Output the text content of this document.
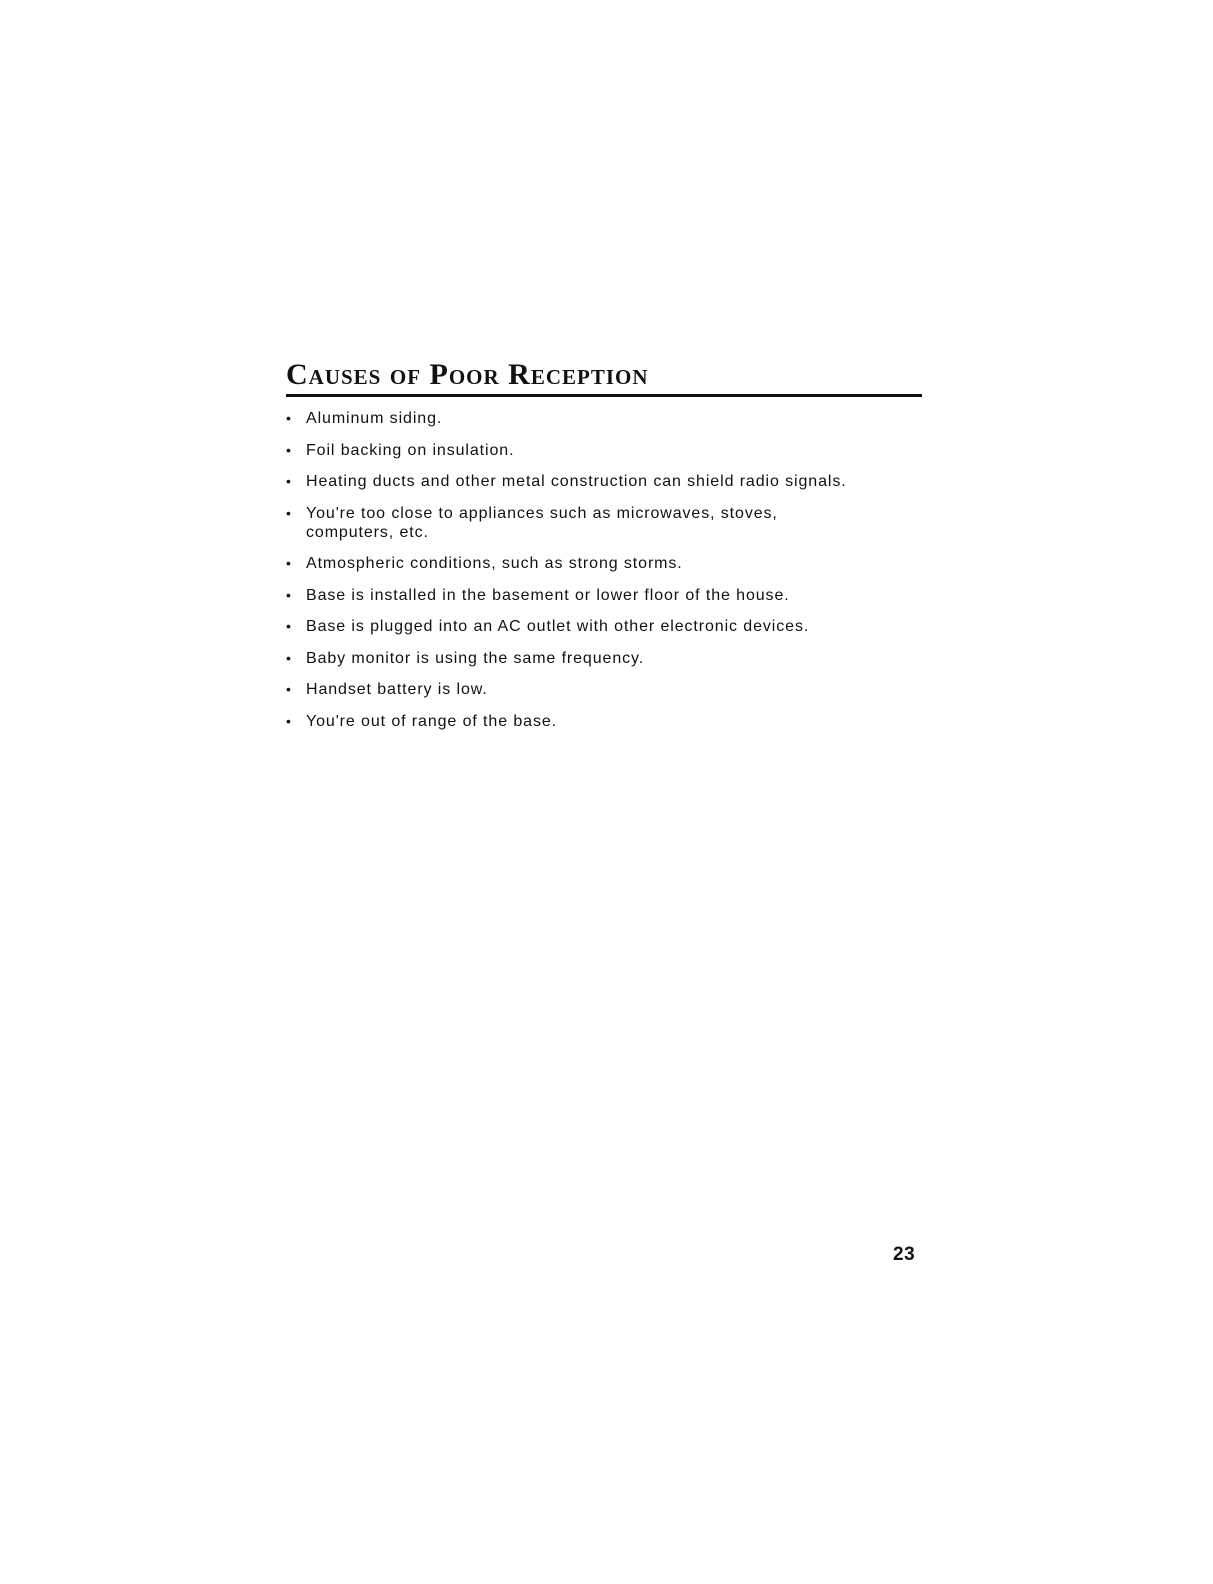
Causes of Poor Reception
• Aluminum siding.
• Foil backing on insulation.
• Heating ducts and other metal construction can shield radio signals.
• You're too close to appliances such as microwaves, stoves, computers, etc.
• Atmospheric conditions, such as strong storms.
• Base is installed in the basement or lower floor of the house.
• Base is plugged into an AC outlet with other electronic devices.
• Baby monitor is using the same frequency.
• Handset battery is low.
• You're out of range of the base.
23
